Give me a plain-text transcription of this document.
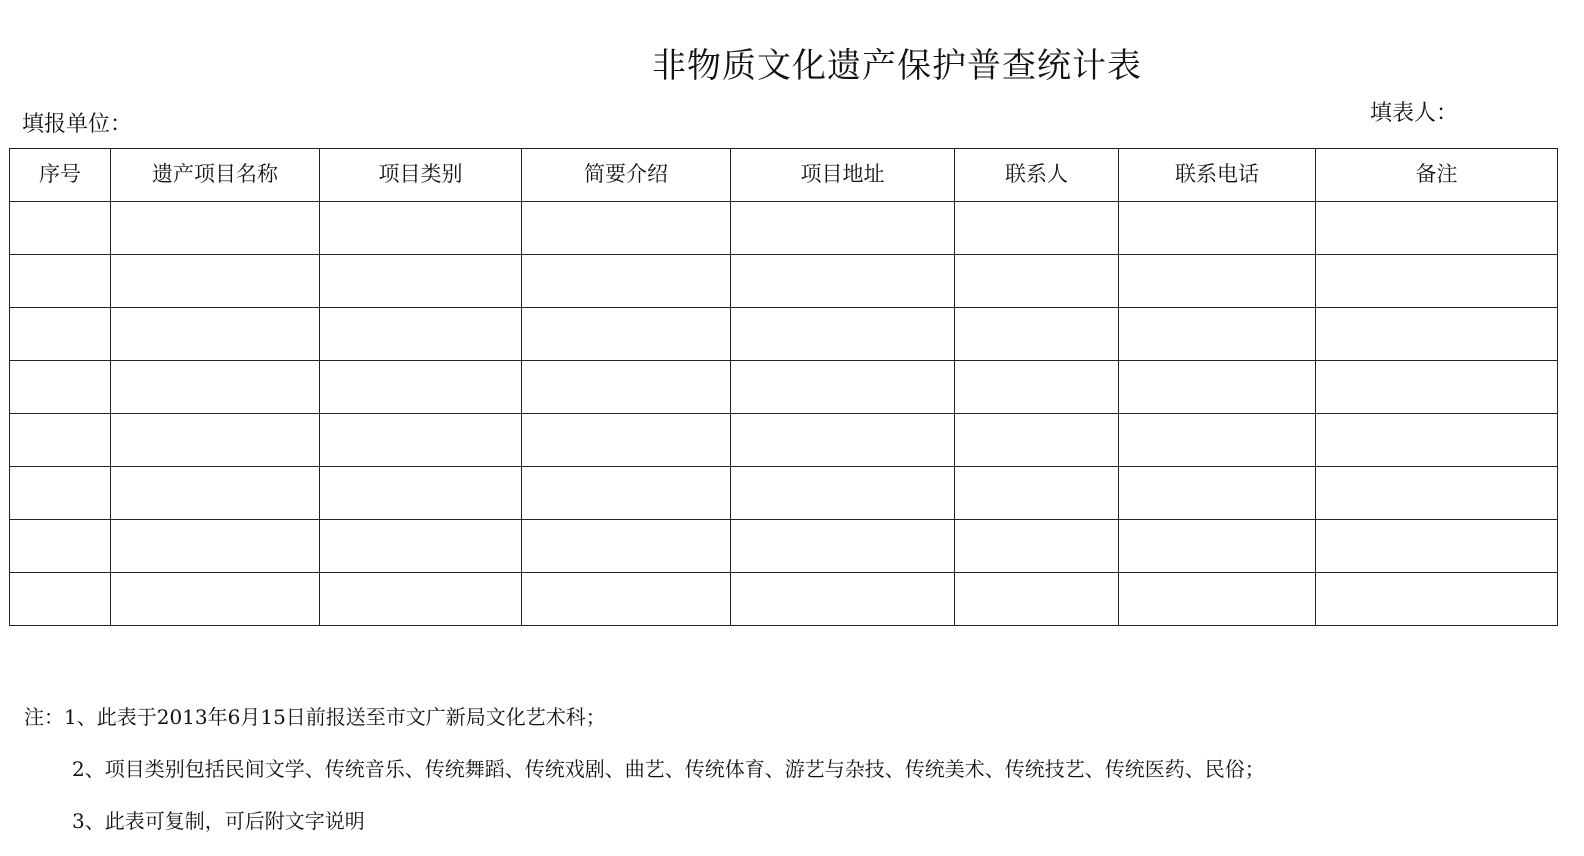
非物质文化遗产保护普查统计表
填报单位：	填表人：
序号	遗产项目名称	项目类别	简要介绍	项目地址	联系人	联系电话	备注

注：1、此表于2013年6月15日前报送至市文广新局文化艺术科；
2、项目类别包括民间文学、传统音乐、传统舞蹈、传统戏剧、曲艺、传统体育、游艺与杂技、传统美术、传统技艺、传统医药、民俗；
3、此表可复制，可后附文字说明
